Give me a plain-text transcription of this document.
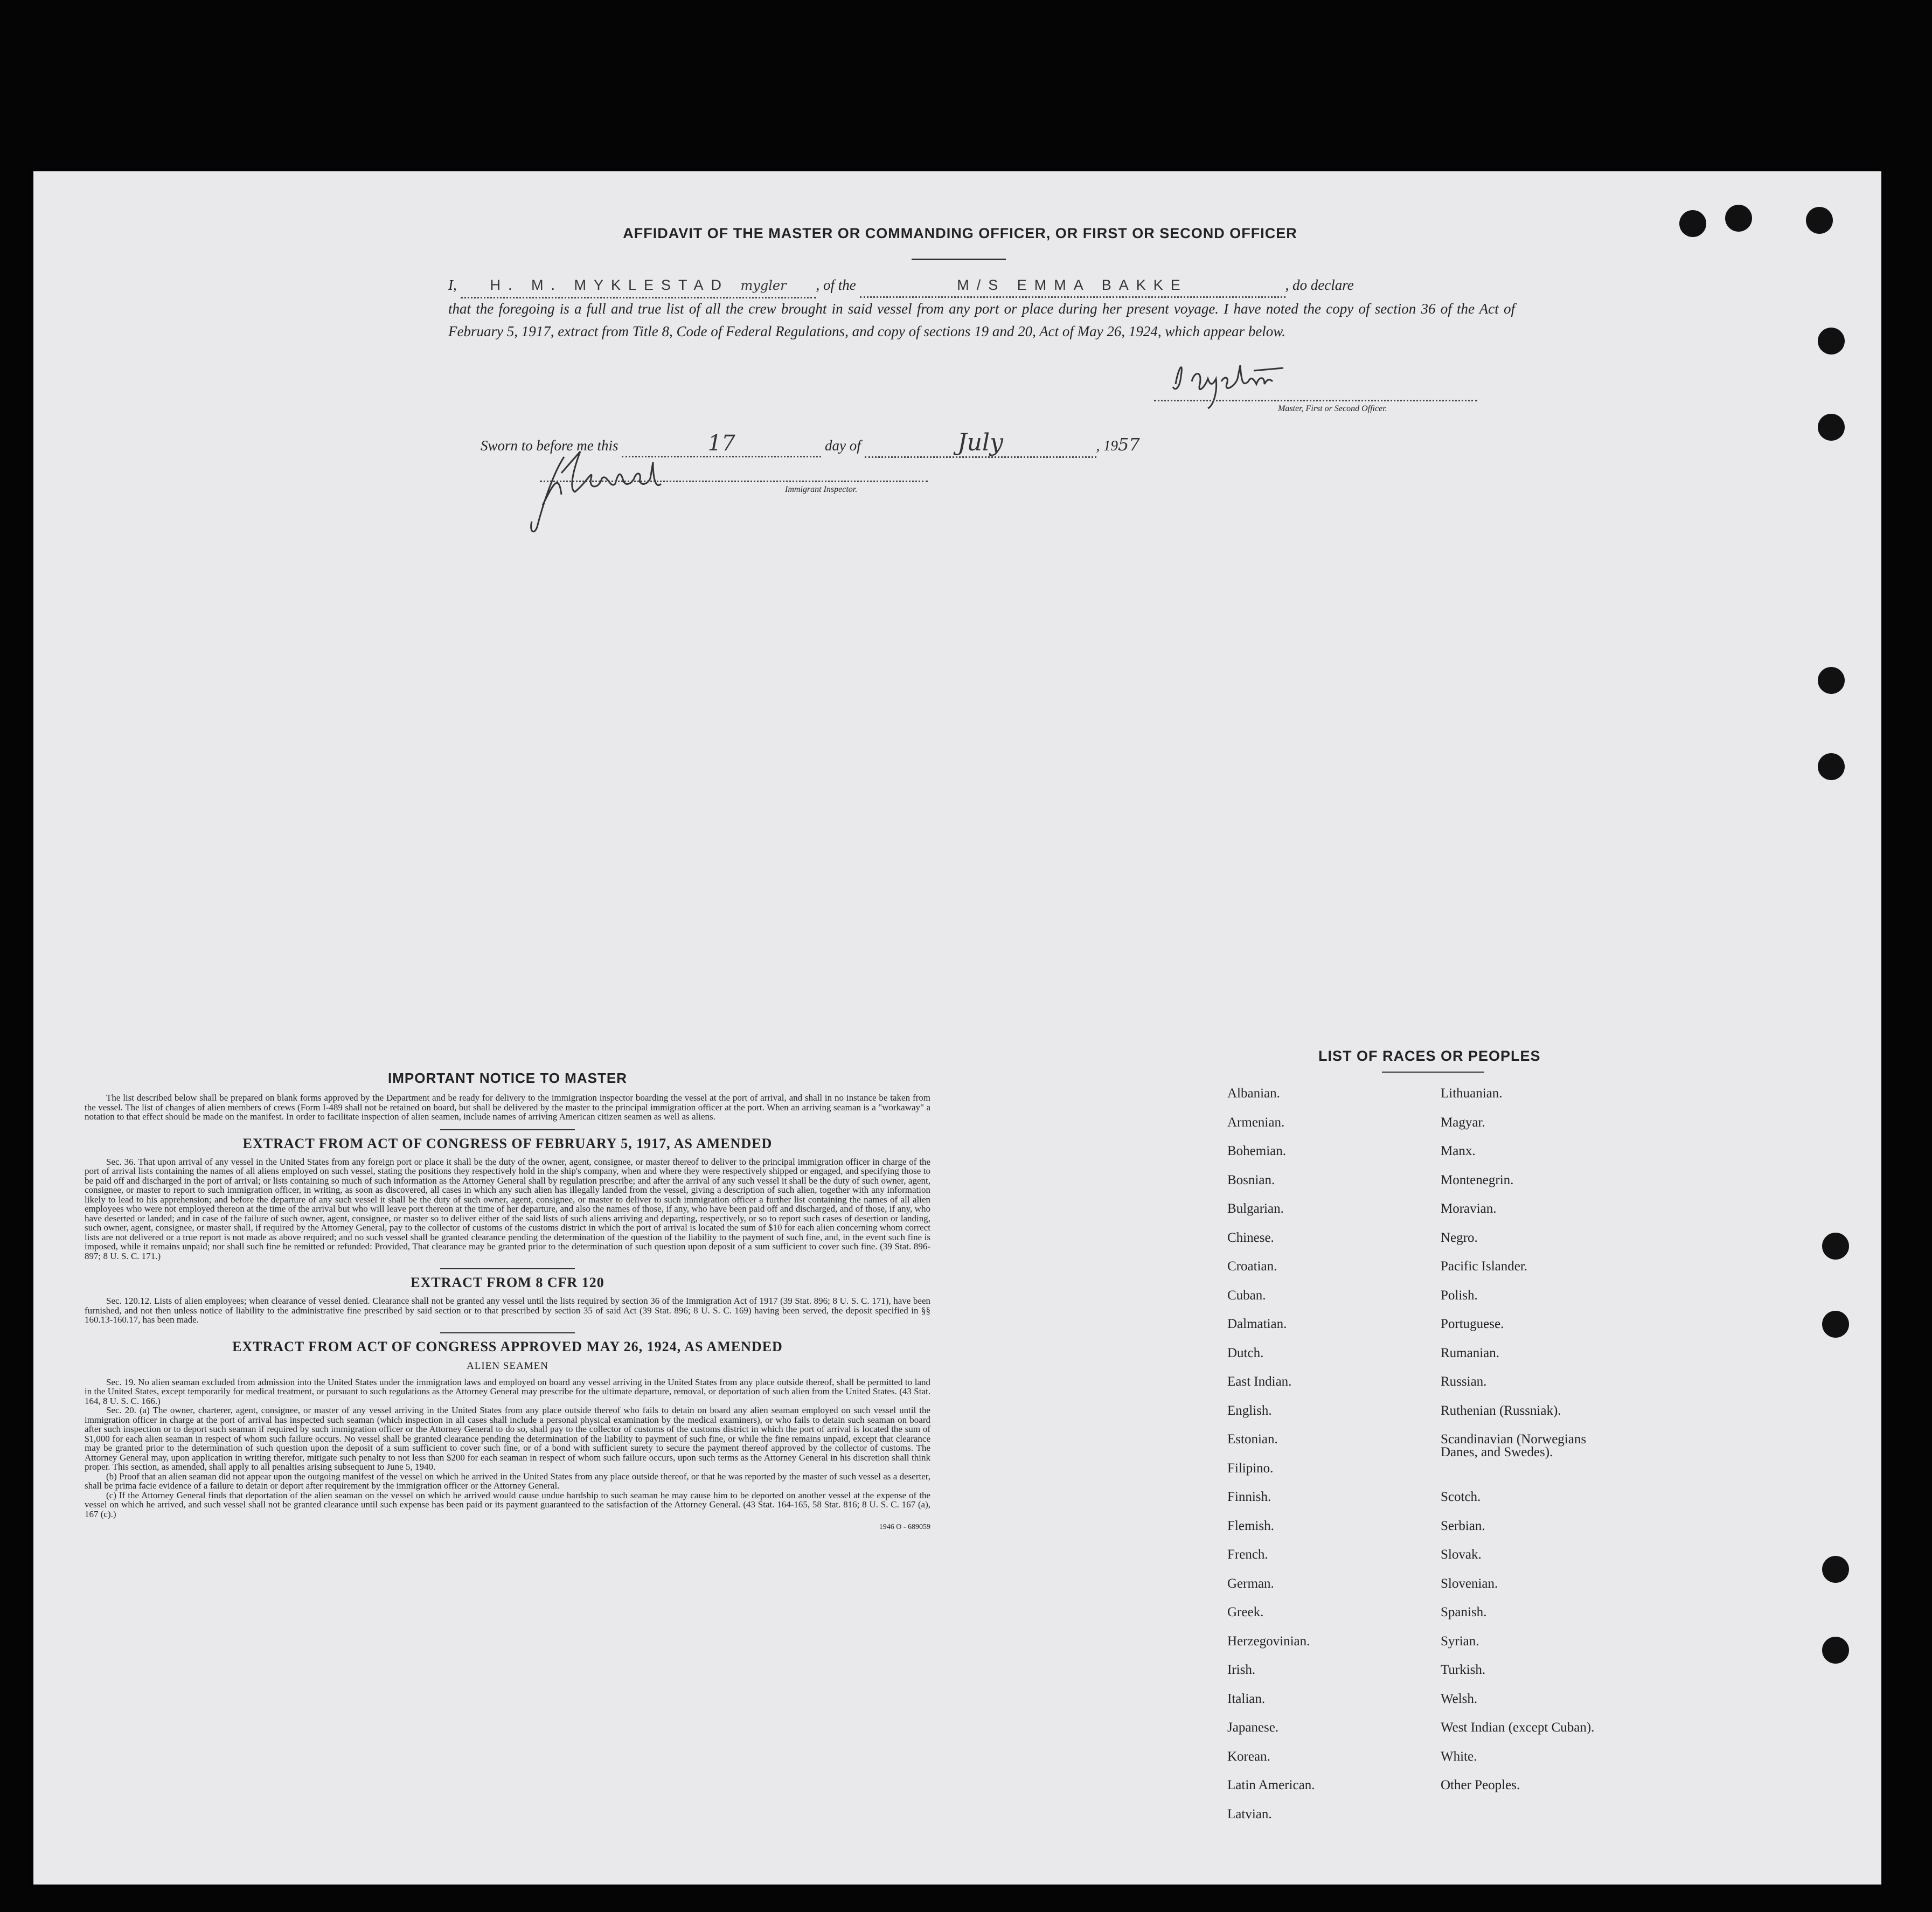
AFFIDAVIT OF THE MASTER OR COMMANDING OFFICER, OR FIRST OR SECOND OFFICER
I, H. M. MYKLESTAD mygler , of the	M/S EMMA BAKKE	, do declare
that the foregoing is a full and true list of all the crew brought in said vessel from any port or place during her present voyage. I have noted the copy of section 36 of the Act of February 5, 1917, extract from Title 8, Code of Federal Regulations, and copy of sections 19 and 20, Act of May 26, 1924, which appear below.
Master, First or Second Officer.
Sworn to before me this	17	day of	July	, 1957
Immigrant Inspector.
IMPORTANT NOTICE TO MASTER

The list described below shall be prepared on blank forms approved by the Department and be ready for delivery to the immigration inspector boarding the vessel at the port of arrival, and shall in no instance be taken from the vessel. The list of changes of alien members of crews (Form I-489 shall not be retained on board, but shall be delivered by the master to the principal immigration officer at the port. When an arriving seaman is a "workaway" a notation to that effect should be made on the manifest. In order to facilitate inspection of alien seamen, include names of arriving American citizen seamen as well as aliens.

EXTRACT FROM ACT OF CONGRESS OF FEBRUARY 5, 1917, AS AMENDED

Sec. 36. That upon arrival of any vessel in the United States from any foreign port or place it shall be the duty of the owner, agent, consignee, or master thereof to deliver to the principal immigration officer in charge of the port of arrival lists containing the names of all aliens employed on such vessel, stating the positions they respectively hold in the ship's company, when and where they were respectively shipped or engaged, and specifying those to be paid off and discharged in the port of arrival; or lists containing so much of such information as the Attorney General shall by regulation prescribe; and after the arrival of any such vessel it shall be the duty of such owner, agent, consignee, or master to report to such immigration officer, in writing, as soon as discovered, all cases in which any such alien has illegally landed from the vessel, giving a description of such alien, together with any information likely to lead to his apprehension; and before the departure of any such vessel it shall be the duty of such owner, agent, consignee, or master to deliver to such immigration officer a further list containing the names of all alien employees who were not employed thereon at the time of the arrival but who will leave port thereon at the time of her departure, and also the names of those, if any, who have been paid off and discharged, and of those, if any, who have deserted or landed; and in case of the failure of such owner, agent, consignee, or master so to deliver either of the said lists of such aliens arriving and departing, respectively, or so to report such cases of desertion or landing, such owner, agent, consignee, or master shall, if required by the Attorney General, pay to the collector of customs of the customs district in which the port of arrival is located the sum of $10 for each alien concerning whom correct lists are not delivered or a true report is not made as above required; and no such vessel shall be granted clearance pending the determination of the question of the liability to the payment of such fine, and, in the event such fine is imposed, while it remains unpaid; nor shall such fine be remitted or refunded: Provided, That clearance may be granted prior to the determination of such question upon deposit of a sum sufficient to cover such fine. (39 Stat. 896-897; 8 U. S. C. 171.)

EXTRACT FROM 8 CFR 120

Sec. 120.12. Lists of alien employees; when clearance of vessel denied. Clearance shall not be granted any vessel until the lists required by section 36 of the Immigration Act of 1917 (39 Stat. 896; 8 U. S. C. 171), have been furnished, and not then unless notice of liability to the administrative fine prescribed by said section or to that prescribed by section 35 of said Act (39 Stat. 896; 8 U. S. C. 169) having been served, the deposit specified in §§ 160.13-160.17, has been made.

EXTRACT FROM ACT OF CONGRESS APPROVED MAY 26, 1924, AS AMENDED
ALIEN SEAMEN

Sec. 19. No alien seaman excluded from admission into the United States under the immigration laws and employed on board any vessel arriving in the United States from any place outside thereof, shall be permitted to land in the United States, except temporarily for medical treatment, or pursuant to such regulations as the Attorney General may prescribe for the ultimate departure, removal, or deportation of such alien from the United States. (43 Stat. 164, 8 U. S. C. 166.)

Sec. 20. (a) The owner, charterer, agent, consignee, or master of any vessel arriving in the United States from any place outside thereof who fails to detain on board any alien seaman employed on such vessel until the immigration officer in charge at the port of arrival has inspected such seaman (which inspection in all cases shall include a personal physical examination by the medical examiners), or who fails to detain such seaman on board after such inspection or to deport such seaman if required by such immigration officer or the Attorney General to do so, shall pay to the collector of customs of the customs district in which the port of arrival is located the sum of $1,000 for each alien seaman in respect of whom such failure occurs. No vessel shall be granted clearance pending the determination of the liability to payment of such fine, or while the fine remains unpaid, except that clearance may be granted prior to the determination of such question upon the deposit of a sum sufficient to cover such fine, or of a bond with sufficient surety to secure the payment thereof approved by the collector of customs. The Attorney General may, upon application in writing therefor, mitigate such penalty to not less than $200 for each seaman in respect of whom such failure occurs, upon such terms as the Attorney General in his discretion shall think proper. This section, as amended, shall apply to all penalties arising subsequent to June 5, 1940.

(b) Proof that an alien seaman did not appear upon the outgoing manifest of the vessel on which he arrived in the United States from any place outside thereof, or that he was reported by the master of such vessel as a deserter, shall be prima facie evidence of a failure to detain or deport after requirement by the immigration officer or the Attorney General.

(c) If the Attorney General finds that deportation of the alien seaman on the vessel on which he arrived would cause undue hardship to such seaman he may cause him to be deported on another vessel at the expense of the vessel on which he arrived, and such vessel shall not be granted clearance until such expense has been paid or its payment guaranteed to the satisfaction of the Attorney General. (43 Stat. 164-165, 58 Stat. 816; 8 U. S. C. 167 (a), 167 (c).)

1946 O - 689059
LIST OF RACES OR PEOPLES
Albanian.
Armenian.
Bohemian.
Bosnian.
Bulgarian.
Chinese.
Croatian.
Cuban.
Dalmatian.
Dutch.
East Indian.
English.
Estonian.
Filipino.
Finnish.
Flemish.
French.
German.
Greek.
Herzegovinian.
Irish.
Italian.
Japanese.
Korean.
Latin American.
Latvian.
Lithuanian.
Magyar.
Manx.
Montenegrin.
Moravian.
Negro.
Pacific Islander.
Polish.
Portuguese.
Rumanian.
Russian.
Ruthenian (Russniak).
Scandinavian (Norwegians
Danes, and Swedes).
Scotch.
Serbian.
Slovak.
Slovenian.
Spanish.
Syrian.
Turkish.
Welsh.
West Indian (except Cuban).
White.
Other Peoples.
